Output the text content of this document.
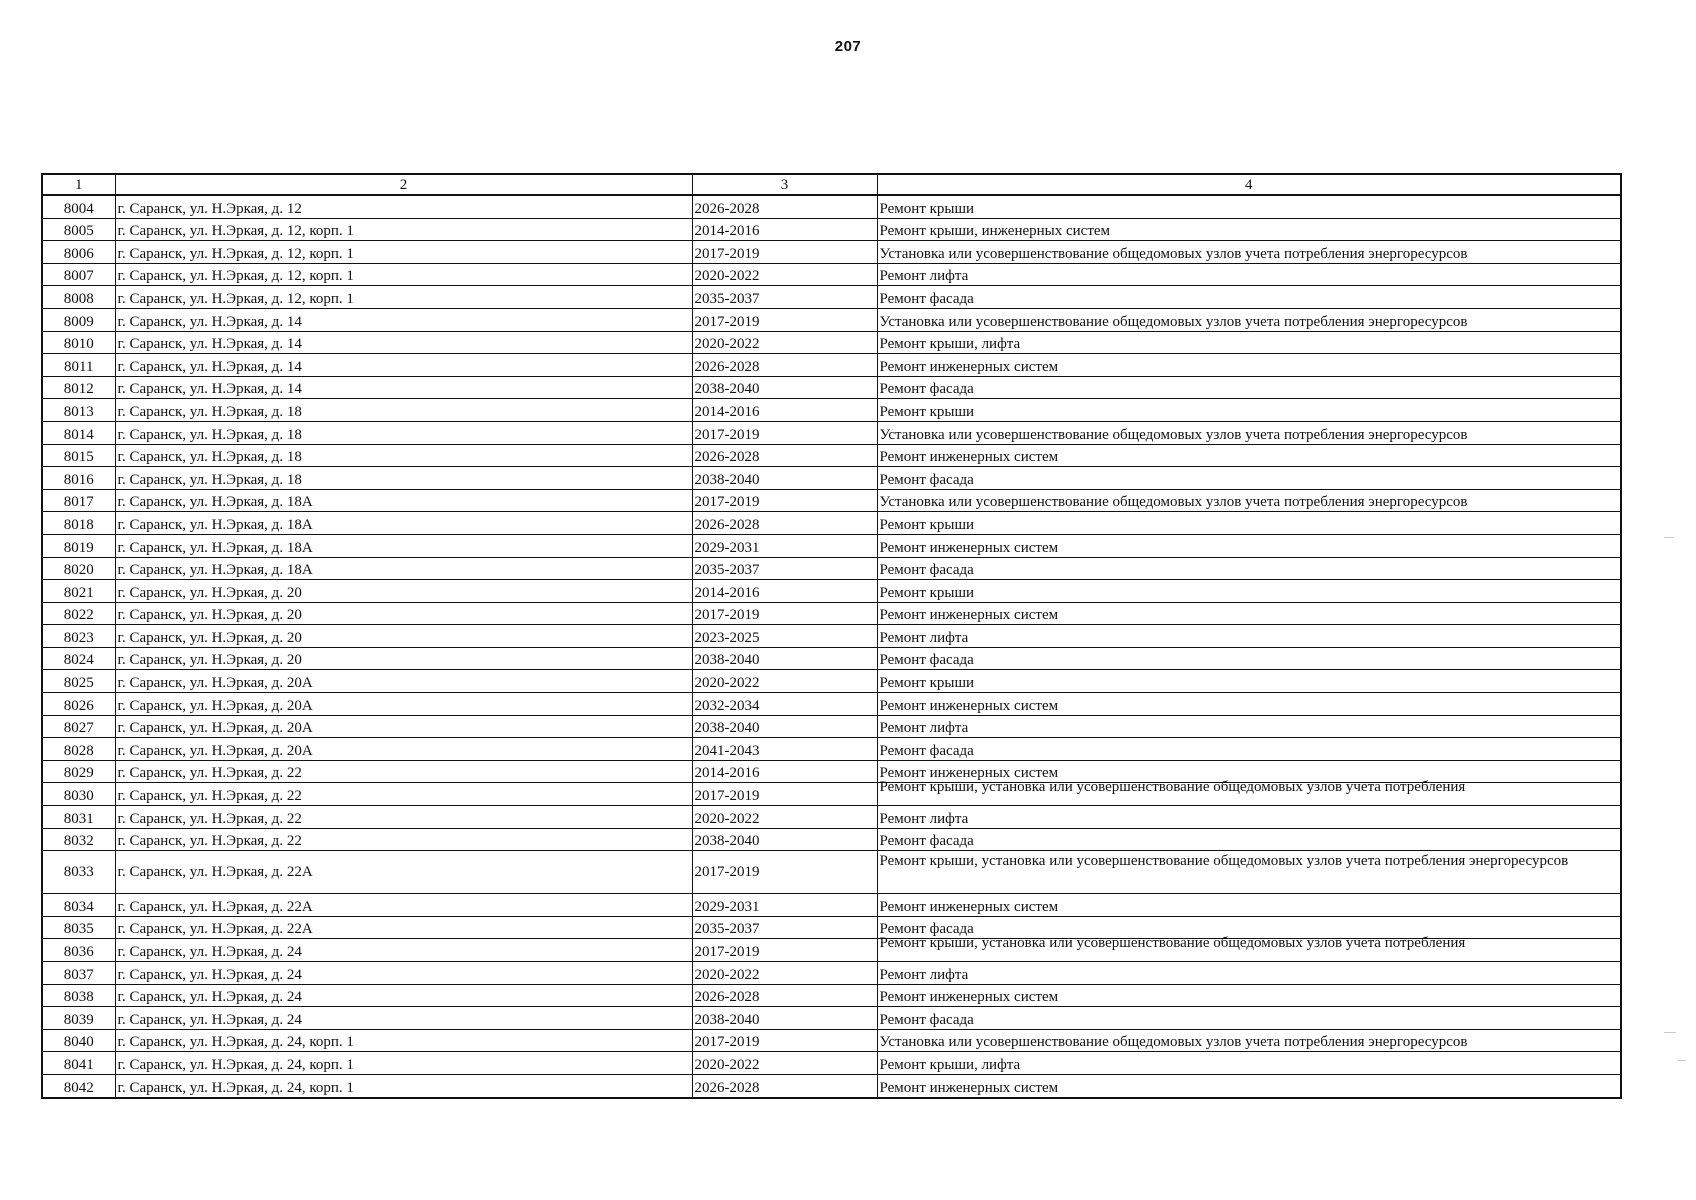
207
1	2	3	4
8004	г. Саранск, ул. Н.Эркая, д. 12	2026-2028	Ремонт крыши
8005	г. Саранск, ул. Н.Эркая, д. 12, корп. 1	2014-2016	Ремонт крыши, инженерных систем
8006	г. Саранск, ул. Н.Эркая, д. 12, корп. 1	2017-2019	Установка или усовершенствование общедомовых узлов учета потребления энергоресурсов
8007	г. Саранск, ул. Н.Эркая, д. 12, корп. 1	2020-2022	Ремонт лифта
8008	г. Саранск, ул. Н.Эркая, д. 12, корп. 1	2035-2037	Ремонт фасада
8009	г. Саранск, ул. Н.Эркая, д. 14	2017-2019	Установка или усовершенствование общедомовых узлов учета потребления энергоресурсов
8010	г. Саранск, ул. Н.Эркая, д. 14	2020-2022	Ремонт крыши, лифта
8011	г. Саранск, ул. Н.Эркая, д. 14	2026-2028	Ремонт инженерных систем
8012	г. Саранск, ул. Н.Эркая, д. 14	2038-2040	Ремонт фасада
8013	г. Саранск, ул. Н.Эркая, д. 18	2014-2016	Ремонт крыши
8014	г. Саранск, ул. Н.Эркая, д. 18	2017-2019	Установка или усовершенствование общедомовых узлов учета потребления энергоресурсов
8015	г. Саранск, ул. Н.Эркая, д. 18	2026-2028	Ремонт инженерных систем
8016	г. Саранск, ул. Н.Эркая, д. 18	2038-2040	Ремонт фасада
8017	г. Саранск, ул. Н.Эркая, д. 18А	2017-2019	Установка или усовершенствование общедомовых узлов учета потребления энергоресурсов
8018	г. Саранск, ул. Н.Эркая, д. 18А	2026-2028	Ремонт крыши
8019	г. Саранск, ул. Н.Эркая, д. 18А	2029-2031	Ремонт инженерных систем
8020	г. Саранск, ул. Н.Эркая, д. 18А	2035-2037	Ремонт фасада
8021	г. Саранск, ул. Н.Эркая, д. 20	2014-2016	Ремонт крыши
8022	г. Саранск, ул. Н.Эркая, д. 20	2017-2019	Ремонт инженерных систем
8023	г. Саранск, ул. Н.Эркая, д. 20	2023-2025	Ремонт лифта
8024	г. Саранск, ул. Н.Эркая, д. 20	2038-2040	Ремонт фасада
8025	г. Саранск, ул. Н.Эркая, д. 20А	2020-2022	Ремонт крыши
8026	г. Саранск, ул. Н.Эркая, д. 20А	2032-2034	Ремонт инженерных систем
8027	г. Саранск, ул. Н.Эркая, д. 20А	2038-2040	Ремонт лифта
8028	г. Саранск, ул. Н.Эркая, д. 20А	2041-2043	Ремонт фасада
8029	г. Саранск, ул. Н.Эркая, д. 22	2014-2016	Ремонт инженерных систем
8030	г. Саранск, ул. Н.Эркая, д. 22	2017-2019	Ремонт крыши, установка или усовершенствование общедомовых узлов учета потребления

8031	г. Саранск, ул. Н.Эркая, д. 22	2020-2022	Ремонт лифта
8032	г. Саранск, ул. Н.Эркая, д. 22	2038-2040	Ремонт фасада
8033	г. Саранск, ул. Н.Эркая, д. 22А	2017-2019	Ремонт крыши, установка или усовершенствование общедомовых узлов учета потребления энергоресурсов
8034	г. Саранск, ул. Н.Эркая, д. 22А	2029-2031	Ремонт инженерных систем
8035	г. Саранск, ул. Н.Эркая, д. 22А	2035-2037	Ремонт фасада
8036	г. Саранск, ул. Н.Эркая, д. 24	2017-2019	Ремонт крыши, установка или усовершенствование общедомовых узлов учета потребления

8037	г. Саранск, ул. Н.Эркая, д. 24	2020-2022	Ремонт лифта
8038	г. Саранск, ул. Н.Эркая, д. 24	2026-2028	Ремонт инженерных систем
8039	г. Саранск, ул. Н.Эркая, д. 24	2038-2040	Ремонт фасада
8040	г. Саранск, ул. Н.Эркая, д. 24, корп. 1	2017-2019	Установка или усовершенствование общедомовых узлов учета потребления энергоресурсов
8041	г. Саранск, ул. Н.Эркая, д. 24, корп. 1	2020-2022	Ремонт крыши, лифта
8042	г. Саранск, ул. Н.Эркая, д. 24, корп. 1	2026-2028	Ремонт инженерных систем
